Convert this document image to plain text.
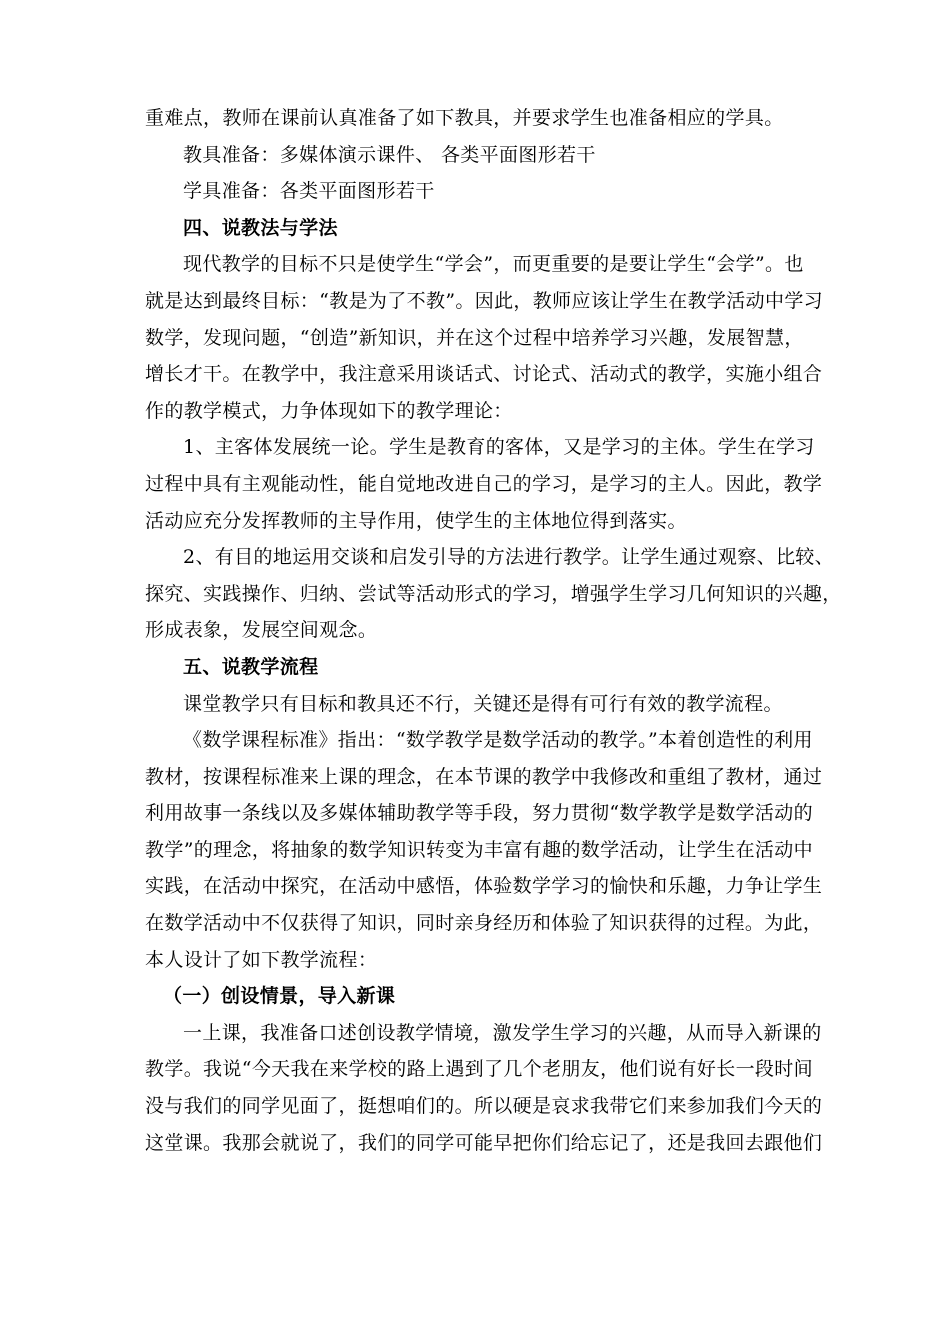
重难点，教师在课前认真准备了如下教具，并要求学生也准备相应的学具。
教具准备：多媒体演示课件、 各类平面图形若干
学具准备：各类平面图形若干
四、说教法与学法
现代教学的目标不只是使学生“学会”，而更重要的是要让学生“会学”。也
就是达到最终目标：“教是为了不教”。因此，教师应该让学生在教学活动中学习
数学，发现问题，“创造”新知识，并在这个过程中培养学习兴趣，发展智慧，
增长才干。在教学中，我注意采用谈话式、讨论式、活动式的教学，实施小组合
作的教学模式，力争体现如下的教学理论：
1、主客体发展统一论。学生是教育的客体，又是学习的主体。学生在学习
过程中具有主观能动性，能自觉地改进自己的学习，是学习的主人。因此，教学
活动应充分发挥教师的主导作用，使学生的主体地位得到落实。
2、有目的地运用交谈和启发引导的方法进行教学。让学生通过观察、比较、
探究、实践操作、归纳、尝试等活动形式的学习，增强学生学习几何知识的兴趣，
形成表象，发展空间观念。
五、说教学流程
课堂教学只有目标和教具还不行，关键还是得有可行有效的教学流程。
《数学课程标准》指出：“数学教学是数学活动的教学。”本着创造性的利用
教材，按课程标准来上课的理念，在本节课的教学中我修改和重组了教材，通过
利用故事一条线以及多媒体辅助教学等手段，努力贯彻“数学教学是数学活动的
教学”的理念，将抽象的数学知识转变为丰富有趣的数学活动，让学生在活动中
实践，在活动中探究，在活动中感悟，体验数学学习的愉快和乐趣，力争让学生
在数学活动中不仅获得了知识，同时亲身经历和体验了知识获得的过程。为此，
本人设计了如下教学流程：
（一）创设情景，导入新课
一上课，我准备口述创设教学情境，激发学生学习的兴趣，从而导入新课的
教学。我说“今天我在来学校的路上遇到了几个老朋友，他们说有好长一段时间
没与我们的同学见面了，挺想咱们的。所以硬是哀求我带它们来参加我们今天的
这堂课。我那会就说了，我们的同学可能早把你们给忘记了，还是我回去跟他们
